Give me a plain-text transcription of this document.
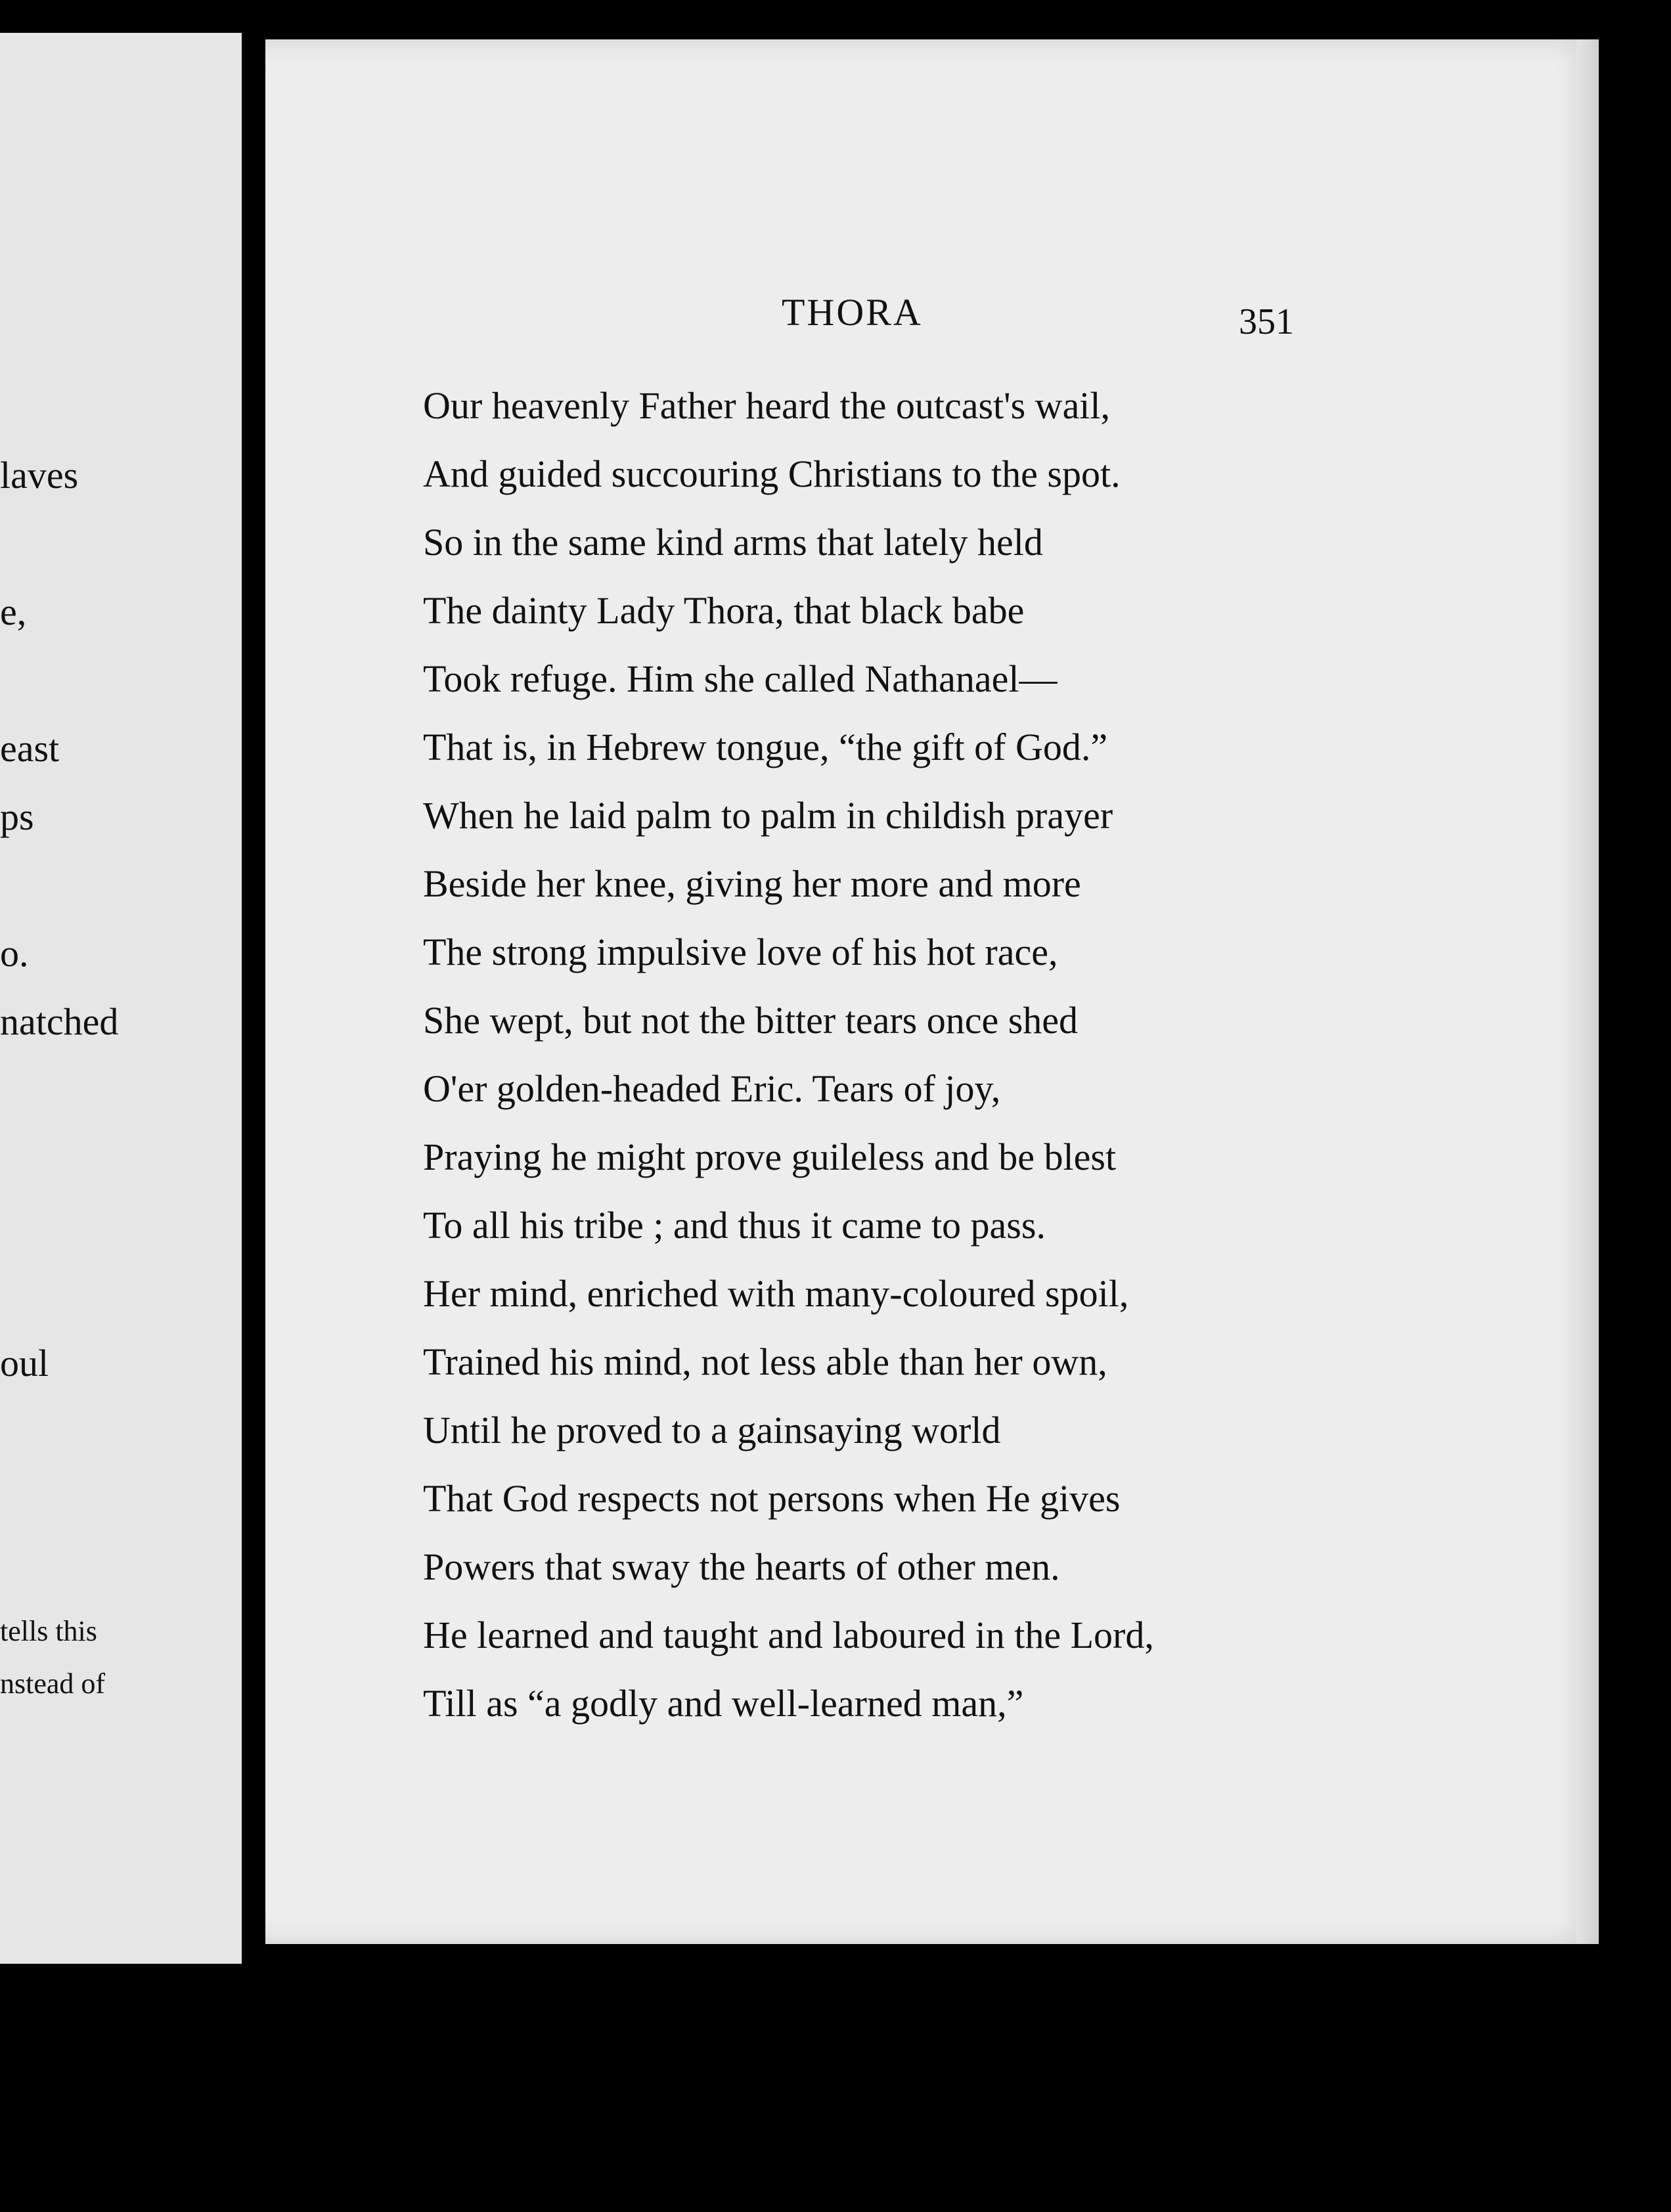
laves
e,
east
ps
o.
natched
oul
tells this
nstead of
THORA	351
Our heavenly Father heard the outcast's wail,
And guided succouring Christians to the spot.
So in the same kind arms that lately held
The dainty Lady Thora, that black babe
Took refuge. Him she called Nathanael—
That is, in Hebrew tongue, “the gift of God.”
When he laid palm to palm in childish prayer
Beside her knee, giving her more and more
The strong impulsive love of his hot race,
She wept, but not the bitter tears once shed
O'er golden-headed Eric. Tears of joy,
Praying he might prove guileless and be blest
To all his tribe ; and thus it came to pass.
Her mind, enriched with many-coloured spoil,
Trained his mind, not less able than her own,
Until he proved to a gainsaying world
That God respects not persons when He gives
Powers that sway the hearts of other men.
He learned and taught and laboured in the Lord,
Till as “a godly and well-learned man,”
